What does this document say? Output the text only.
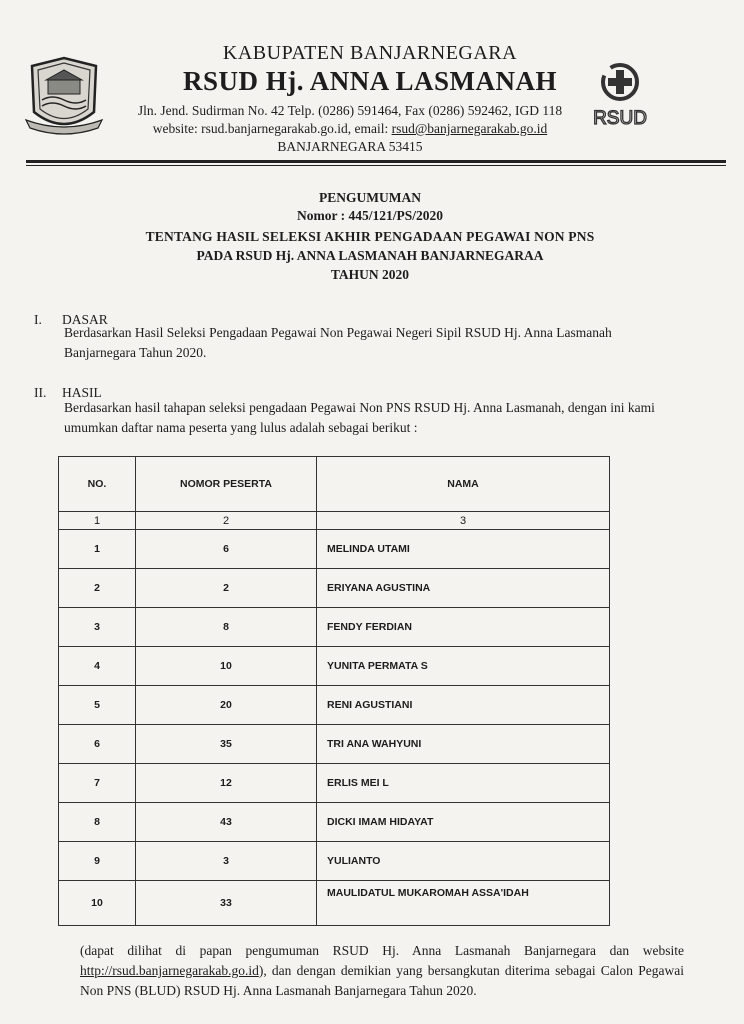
KABUPATEN BANJARNEGARA
RSUD Hj. ANNA LASMANAH
Jln. Jend. Sudirman No. 42 Telp. (0286) 591464, Fax (0286) 592462, IGD 118
website: rsud.banjarnegarakab.go.id, email: rsud@banjarnegarakab.go.id
BANJARNEGARA 53415
RSUD
PENGUMUMAN
Nomor : 445/121/PS/2020
TENTANG HASIL SELEKSI AKHIR PENGADAAN PEGAWAI NON PNS
PADA RSUD Hj. ANNA LASMANAH BANJARNEGARAA
TAHUN 2020
I. DASAR
Berdasarkan Hasil Seleksi Pengadaan Pegawai Non Pegawai Negeri Sipil RSUD Hj. Anna Lasmanah Banjarnegara Tahun 2020.
II. HASIL
Berdasarkan hasil tahapan seleksi pengadaan Pegawai Non PNS RSUD Hj. Anna Lasmanah, dengan ini kami umumkan daftar nama peserta yang lulus adalah sebagai berikut :
NO.	NOMOR PESERTA	NAMA
1	2	3
1	6	MELINDA UTAMI
2	2	ERIYANA AGUSTINA
3	8	FENDY FERDIAN
4	10	YUNITA PERMATA S
5	20	RENI AGUSTIANI
6	35	TRI ANA WAHYUNI
7	12	ERLIS MEI L
8	43	DICKI IMAM HIDAYAT
9	3	YULIANTO
10	33	MAULIDATUL MUKAROMAH ASSA'IDAH
(dapat dilihat di papan pengumuman RSUD Hj. Anna Lasmanah Banjarnegara dan website http://rsud.banjarnegarakab.go.id), dan dengan demikian yang bersangkutan diterima sebagai Calon Pegawai Non PNS (BLUD) RSUD Hj. Anna Lasmanah Banjarnegara Tahun 2020.
